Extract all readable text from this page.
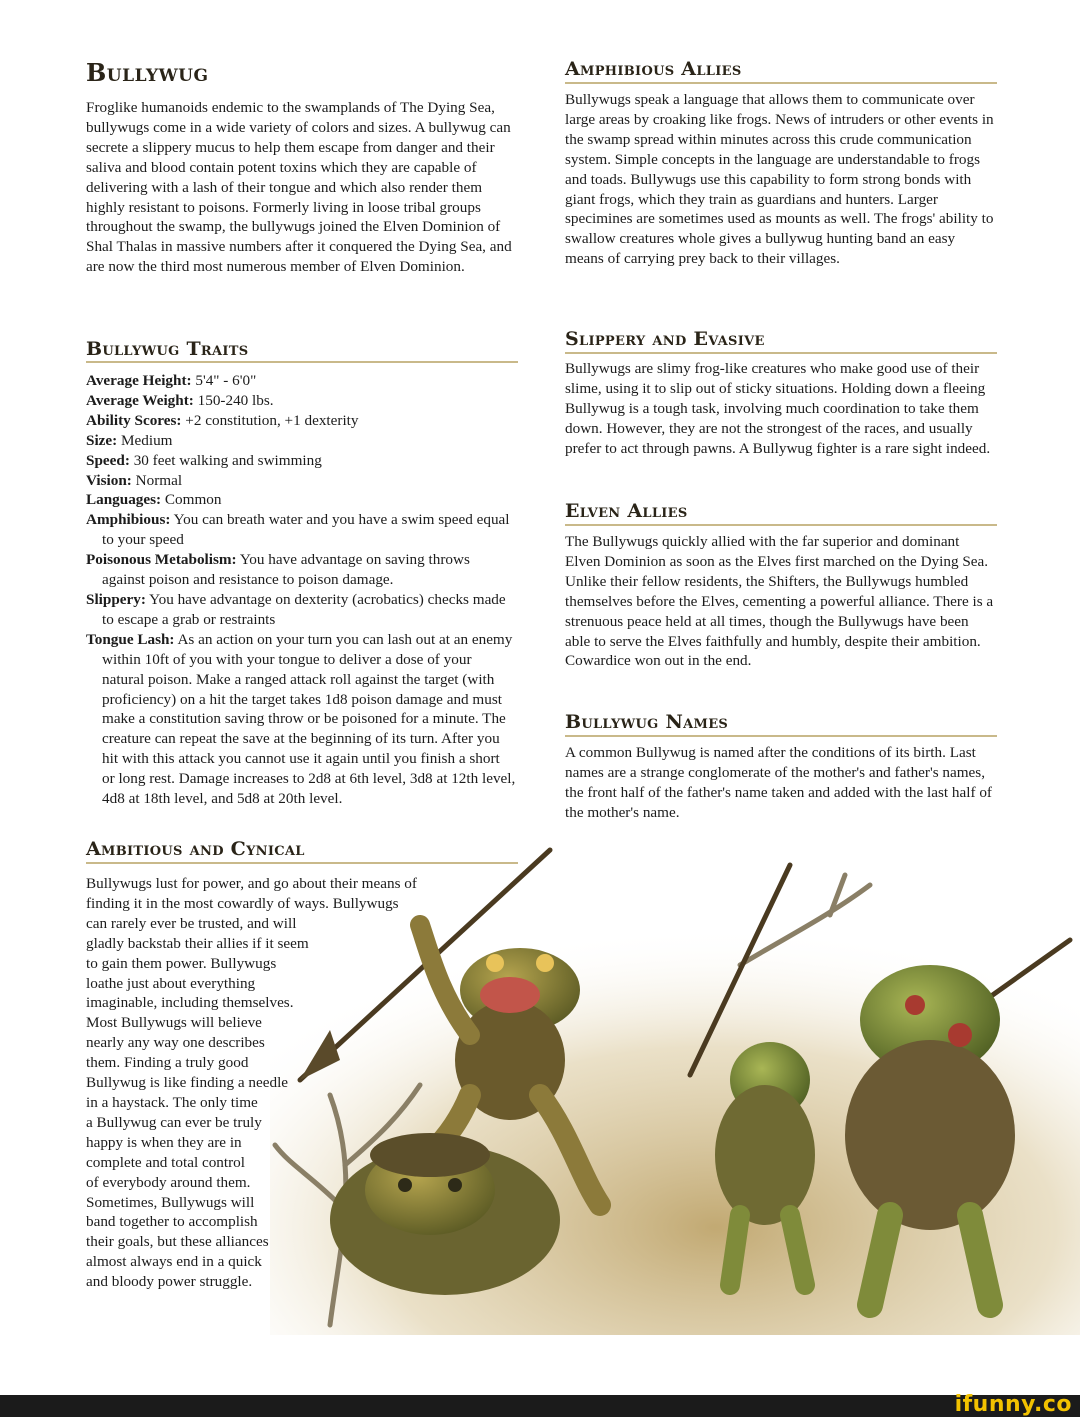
Bullywug

Froglike humanoids endemic to the swamplands of The Dying Sea, bullywugs come in a wide variety of colors and sizes. A bullywug can secrete a slippery mucus to help them escape from danger and their saliva and blood contain potent toxins which they are capable of delivering with a lash of their tongue and which also render them highly resistant to poisons. Formerly living in loose tribal groups throughout the swamp, the bullywugs joined the Elven Dominion of Shal Thalas in massive numbers after it conquered the Dying Sea, and are now the third most numerous member of Elven Dominion.

Bullywug Traits

Average Height: 5'4" - 6'0"

Average Weight: 150-240 lbs.

Ability Scores: +2 constitution, +1 dexterity

Size: Medium

Speed: 30 feet walking and swimming

Vision: Normal

Languages: Common

Amphibious: You can breath water and you have a swim speed equal to your speed

Poisonous Metabolism: You have advantage on saving throws against poison and resistance to poison damage.

Slippery: You have advantage on dexterity (acrobatics) checks made to escape a grab or restraints

Tongue Lash: As an action on your turn you can lash out at an enemy within 10ft of you with your tongue to deliver a dose of your natural poison. Make a ranged attack roll against the target (with proficiency) on a hit the target takes 1d8 poison damage and must make a constitution saving throw or be poisoned for a minute. The creature can repeat the save at the beginning of its turn. After you hit with this attack you cannot use it again until you finish a short or long rest. Damage increases to 2d8 at 6th level, 3d8 at 12th level, 4d8 at 18th level, and 5d8 at 20th level.

Ambitious and Cynical
Bullywugs lust for power, and go about their means of
finding it in the most cowardly of ways. Bullywugs
can rarely ever be trusted, and will
gladly backstab their allies if it seem
to gain them power. Bullywugs
loathe just about everything
imaginable, including themselves.
Most Bullywugs will believe
nearly any way one describes
them. Finding a truly good
Bullywug is like finding a needle
in a haystack. The only time
a Bullywug can ever be truly
happy is when they are in
complete and total control
of everybody around them.
Sometimes, Bullywugs will
band together to accomplish
their goals, but these alliances
almost always end in a quick
and bloody power struggle.
Amphibious Allies

Bullywugs speak a language that allows them to communicate over large areas by croaking like frogs. News of intruders or other events in the swamp spread within minutes across this crude communication system. Simple concepts in the language are understandable to frogs and toads. Bullywugs use this capability to form strong bonds with giant frogs, which they train as guardians and hunters. Larger specimines are sometimes used as mounts as well. The frogs' ability to swallow creatures whole gives a bullywug hunting band an easy means of carrying prey back to their villages.

Slippery and Evasive

Bullywugs are slimy frog-like creatures who make good use of their slime, using it to slip out of sticky situations. Holding down a fleeing Bullywug is a tough task, involving much coordination to take them down. However, they are not the strongest of the races, and usually prefer to act through pawns. A Bullywug fighter is a rare sight indeed.

Elven Allies

The Bullywugs quickly allied with the far superior and dominant Elven Dominion as soon as the Elves first marched on the Dying Sea. Unlike their fellow residents, the Shifters, the Bullywugs humbled themselves before the Elves, cementing a powerful alliance. There is a strenuous peace held at all times, though the Bullywugs have been able to serve the Elves faithfully and humbly, despite their ambition. Cowardice won out in the end.

Bullywug Names

A common Bullywug is named after the conditions of its birth. Last names are a strange conglomerate of the mother's and father's names, the front half of the father's name taken and added with the last half of the mother's name.

ifunny.co
